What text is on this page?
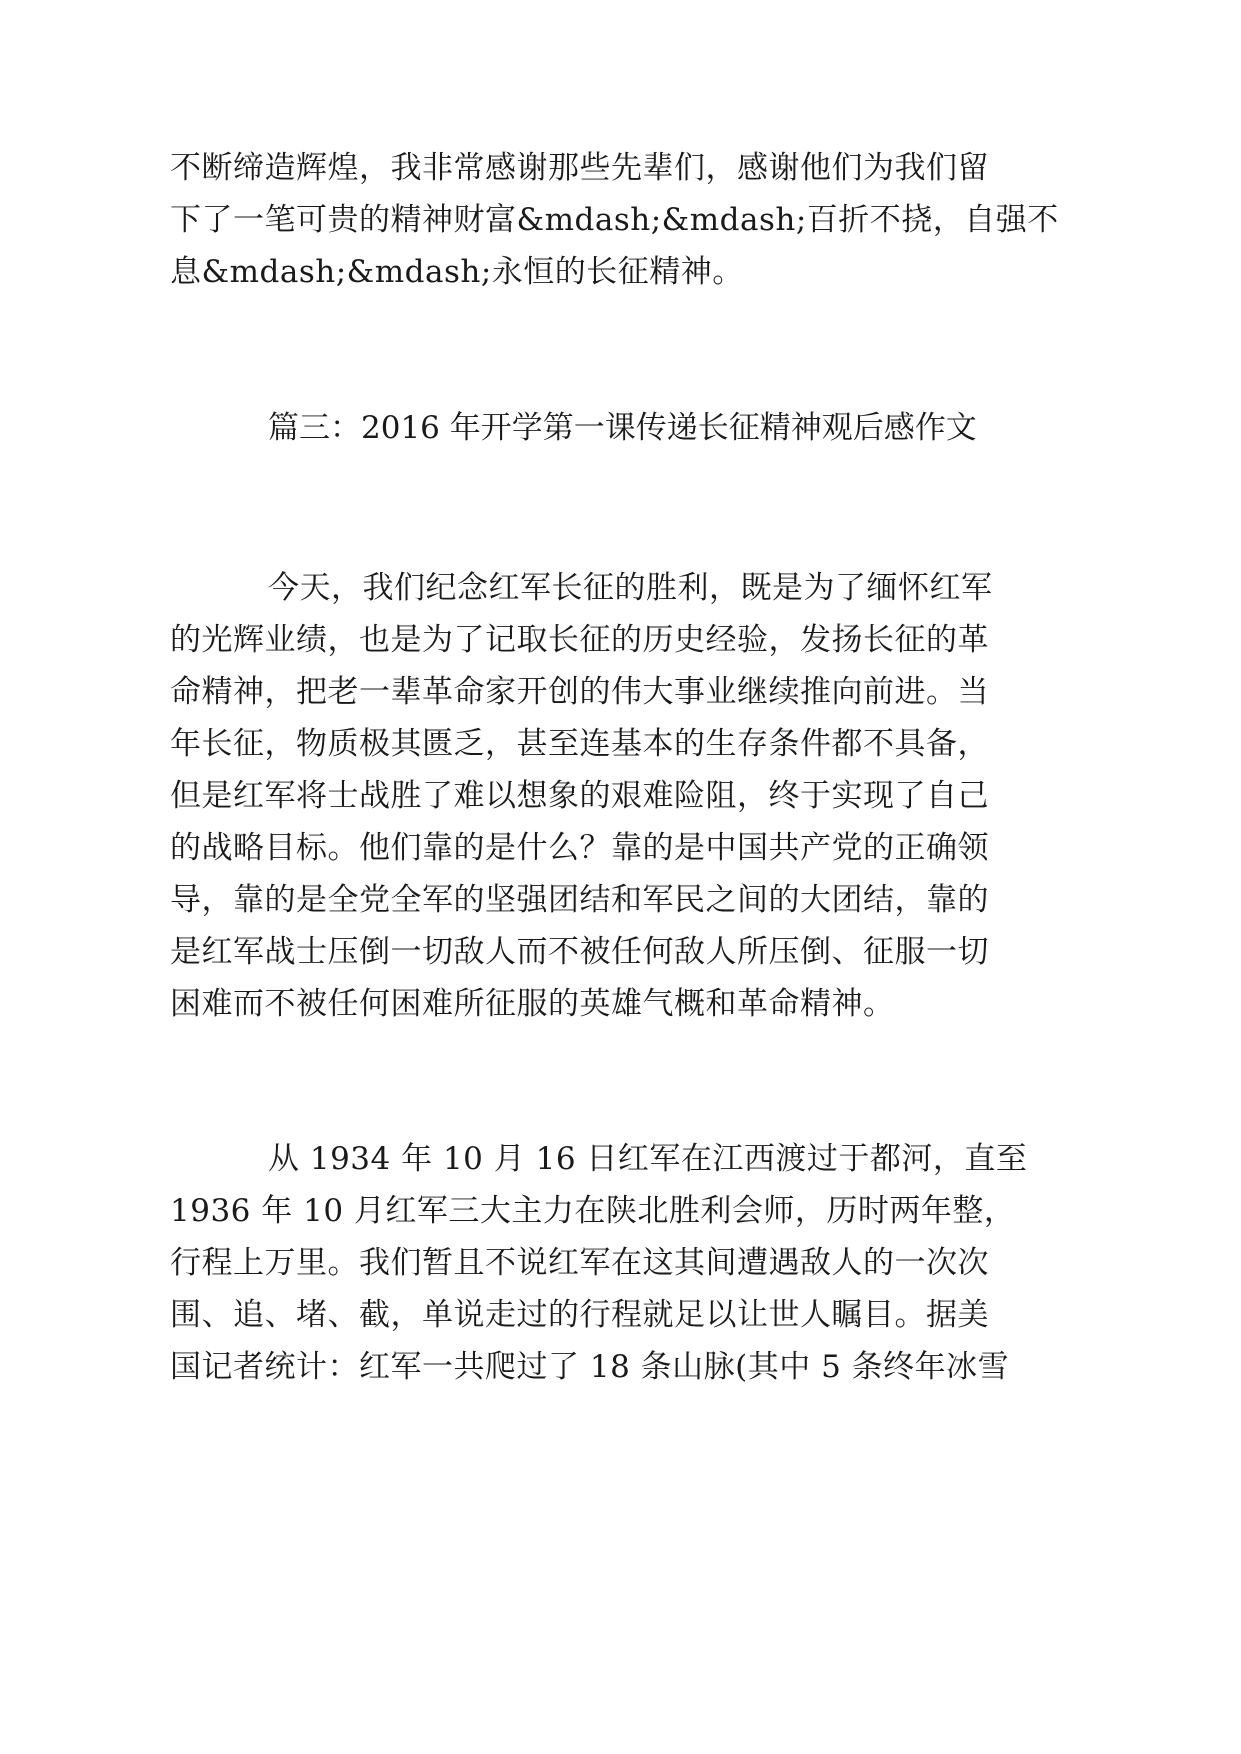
不断缔造辉煌，我非常感谢那些先辈们，感谢他们为我们留

下了一笔可贵的精神财富&mdash;&mdash;百折不挠，自强不

息&mdash;&mdash;永恒的长征精神。

篇三：2016 年开学第一课传递长征精神观后感作文

今天，我们纪念红军长征的胜利，既是为了缅怀红军

的光辉业绩，也是为了记取长征的历史经验，发扬长征的革

命精神，把老一辈革命家开创的伟大事业继续推向前进。当

年长征，物质极其匮乏，甚至连基本的生存条件都不具备，

但是红军将士战胜了难以想象的艰难险阻，终于实现了自己

的战略目标。他们靠的是什么？靠的是中国共产党的正确领

导，靠的是全党全军的坚强团结和军民之间的大团结，靠的

是红军战士压倒一切敌人而不被任何敌人所压倒、征服一切

困难而不被任何困难所征服的英雄气概和革命精神。

从 1934 年 10 月 16 日红军在江西渡过于都河，直至

1936 年 10 月红军三大主力在陕北胜利会师，历时两年整，

行程上万里。我们暂且不说红军在这其间遭遇敌人的一次次

围、追、堵、截，单说走过的行程就足以让世人瞩目。据美

国记者统计：红军一共爬过了 18 条山脉(其中 5 条终年冰雪
